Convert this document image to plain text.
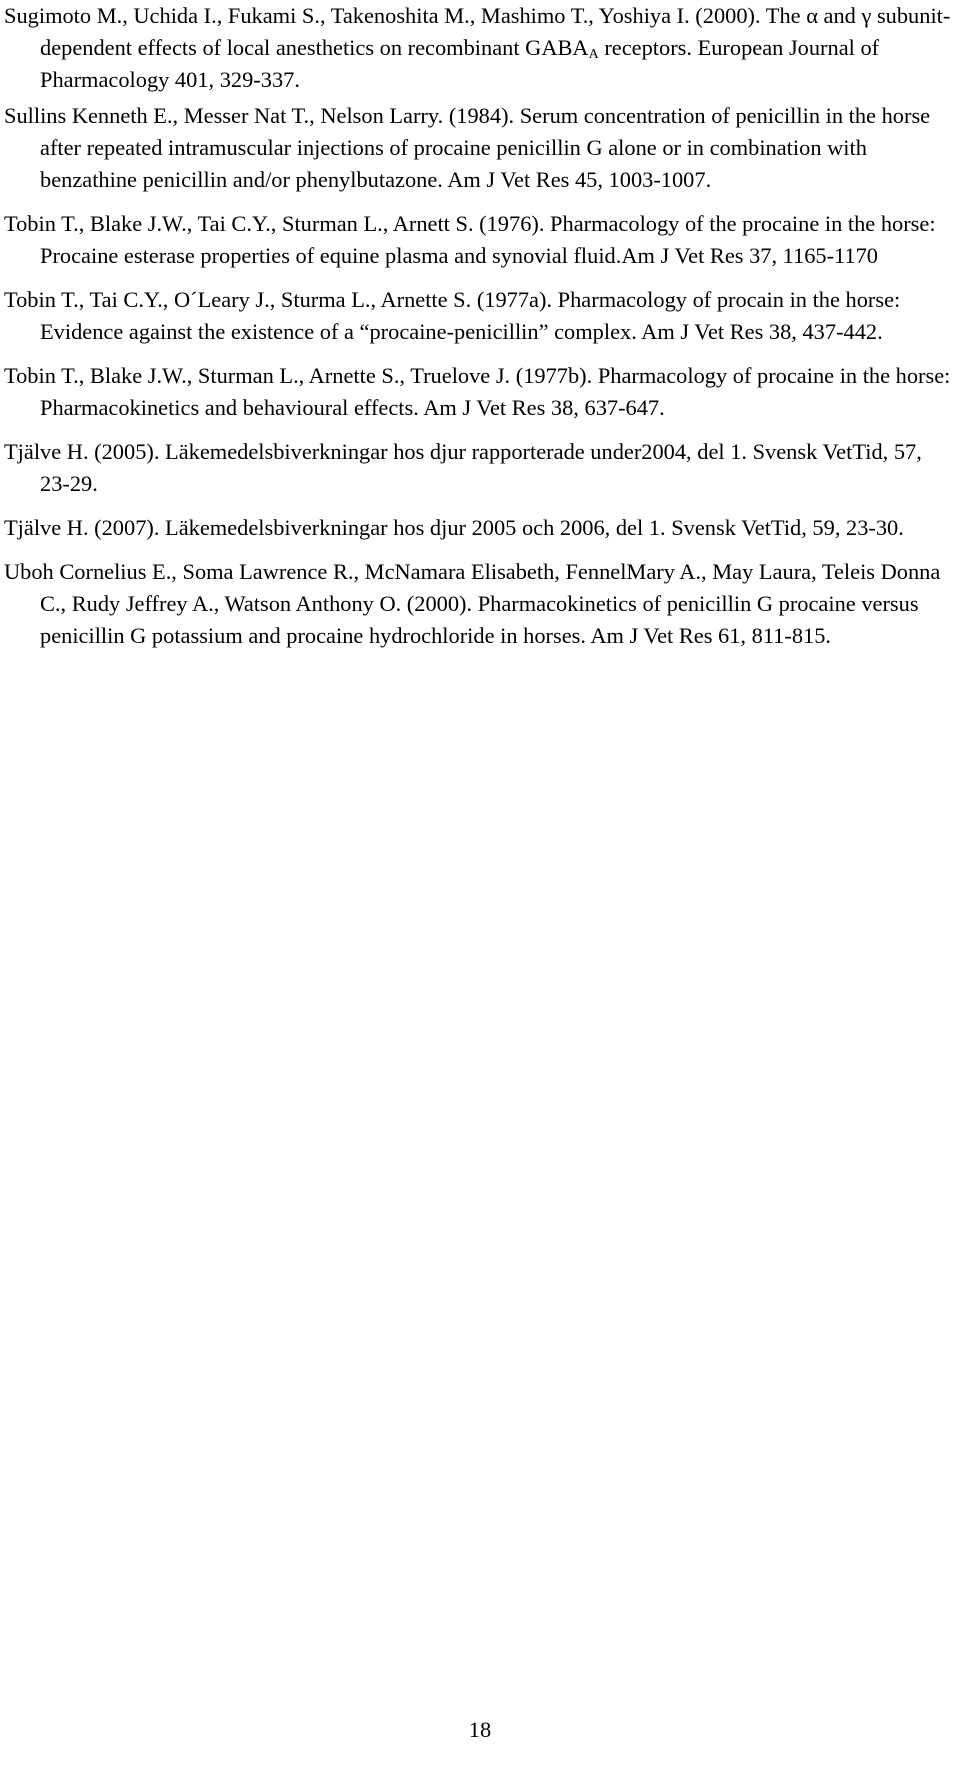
Sugimoto M., Uchida I., Fukami S., Takenoshita M., Mashimo T., Yoshiya I. (2000). The α and γ subunit-dependent effects of local anesthetics on recombinant $GABA_A$ receptors. European Journal of Pharmacology 401, 329-337.

Sullins Kenneth E., Messer Nat T., Nelson Larry. (1984). Serum concentration of penicillin in the horse after repeated intramuscular injections of procaine penicillin G alone or in combination with benzathine penicillin and/or phenylbutazone. Am J Vet Res 45, 1003-1007.

Tobin T., Blake J.W., Tai C.Y., Sturman L., Arnett S. (1976). Pharmacology of the procaine in the horse: Procaine esterase properties of equine plasma and synovial fluid.Am J Vet Res 37, 1165-1170

Tobin T., Tai C.Y., O´Leary J., Sturma L., Arnette S. (1977a). Pharmacology of procain in the horse: Evidence against the existence of a “procaine-penicillin” complex. Am J Vet Res 38, 437-442.

Tobin T., Blake J.W., Sturman L., Arnette S., Truelove J. (1977b). Pharmacology of procaine in the horse: Pharmacokinetics and behavioural effects. Am J Vet Res 38, 637-647.

Tjälve H. (2005). Läkemedelsbiverkningar hos djur rapporterade under2004, del 1. Svensk VetTid, 57, 23-29.

Tjälve H. (2007). Läkemedelsbiverkningar hos djur 2005 och 2006, del 1. Svensk VetTid, 59, 23-30.

Uboh Cornelius E., Soma Lawrence R., McNamara Elisabeth, FennelMary A., May Laura, Teleis Donna C., Rudy Jeffrey A., Watson Anthony O. (2000). Pharmacokinetics of penicillin G procaine versus penicillin G potassium and procaine hydrochloride in horses. Am J Vet Res 61, 811-815.

18
